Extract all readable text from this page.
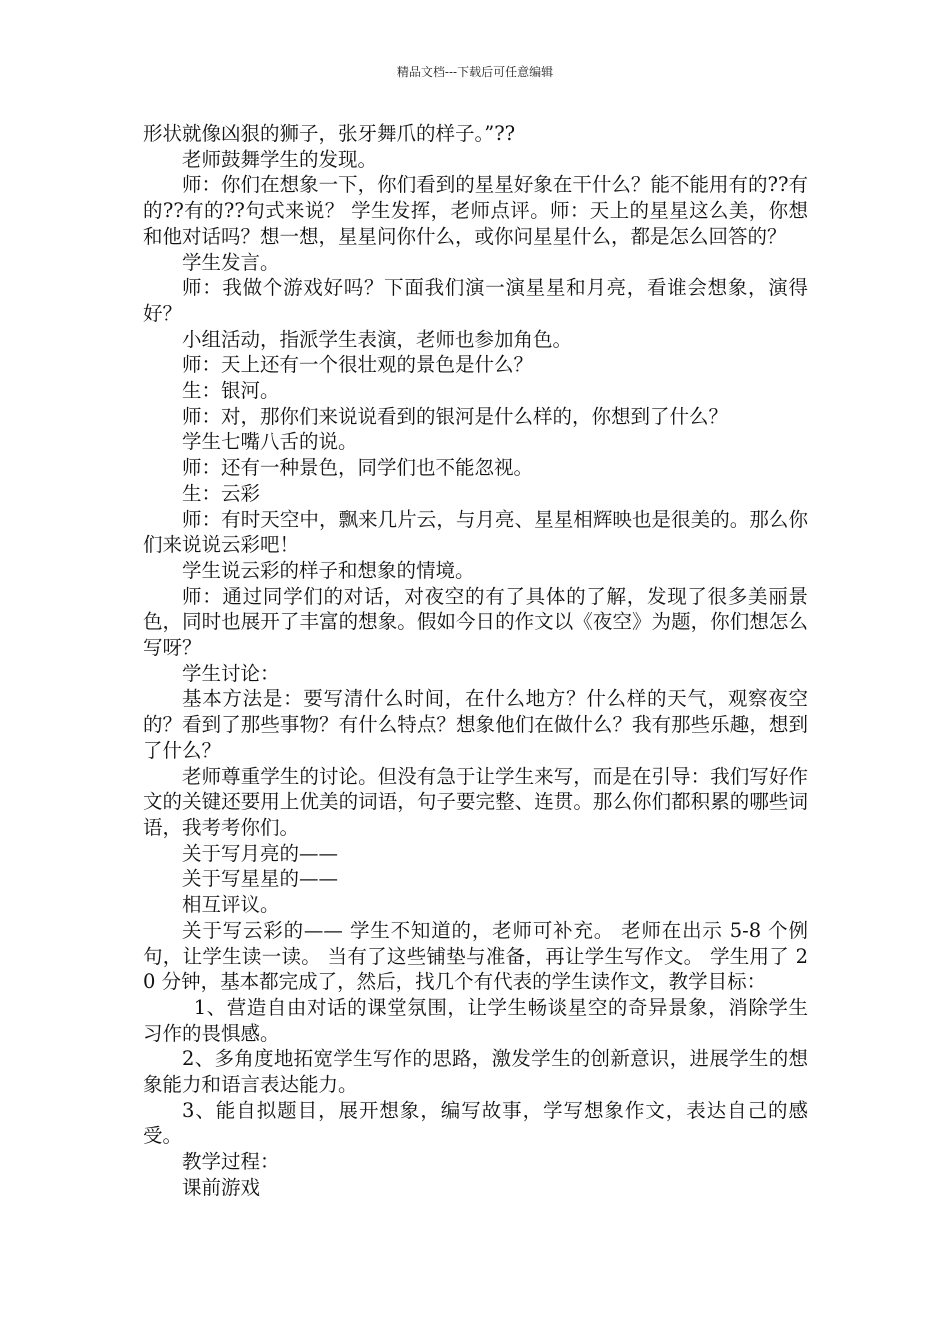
精品文档---下载后可任意编辑

形状就像凶狠的狮子，张牙舞爪的样子。”??

老师鼓舞学生的发现。

师：你们在想象一下，你们看到的星星好象在干什么？能不能用有的??有的??有的??句式来说？ 学生发挥，老师点评。师：天上的星星这么美，你想和他对话吗？想一想，星星问你什么，或你问星星什么，都是怎么回答的？

学生发言。

师：我做个游戏好吗？下面我们演一演星星和月亮，看谁会想象，演得好？

小组活动，指派学生表演，老师也参加角色。

师：天上还有一个很壮观的景色是什么？

生：银河。

师：对，那你们来说说看到的银河是什么样的，你想到了什么？

学生七嘴八舌的说。

师：还有一种景色，同学们也不能忽视。

生：云彩

师：有时天空中，飘来几片云，与月亮、星星相辉映也是很美的。那么你们来说说云彩吧！

学生说云彩的样子和想象的情境。

师：通过同学们的对话，对夜空的有了具体的了解，发现了很多美丽景色，同时也展开了丰富的想象。假如今日的作文以《夜空》为题，你们想怎么写呀？

学生讨论：

基本方法是：要写清什么时间，在什么地方？什么样的天气，观察夜空的？看到了那些事物？有什么特点？想象他们在做什么？我有那些乐趣，想到了什么？

老师尊重学生的讨论。但没有急于让学生来写，而是在引导：我们写好作文的关键还要用上优美的词语，句子要完整、连贯。那么你们都积累的哪些词语，我考考你们。

关于写月亮的——

关于写星星的——

相互评议。

关于写云彩的—— 学生不知道的，老师可补充。 老师在出示 5-8 个例句，让学生读一读。 当有了这些铺垫与准备，再让学生写作文。 学生用了 20 分钟，基本都完成了，然后，找几个有代表的学生读作文，教学目标：

1、营造自由对话的课堂氛围，让学生畅谈星空的奇异景象，消除学生习作的畏惧感。

2、多角度地拓宽学生写作的思路，激发学生的创新意识，进展学生的想象能力和语言表达能力。

3、能自拟题目，展开想象，编写故事，学写想象作文，表达自己的感受。

教学过程：

课前游戏
